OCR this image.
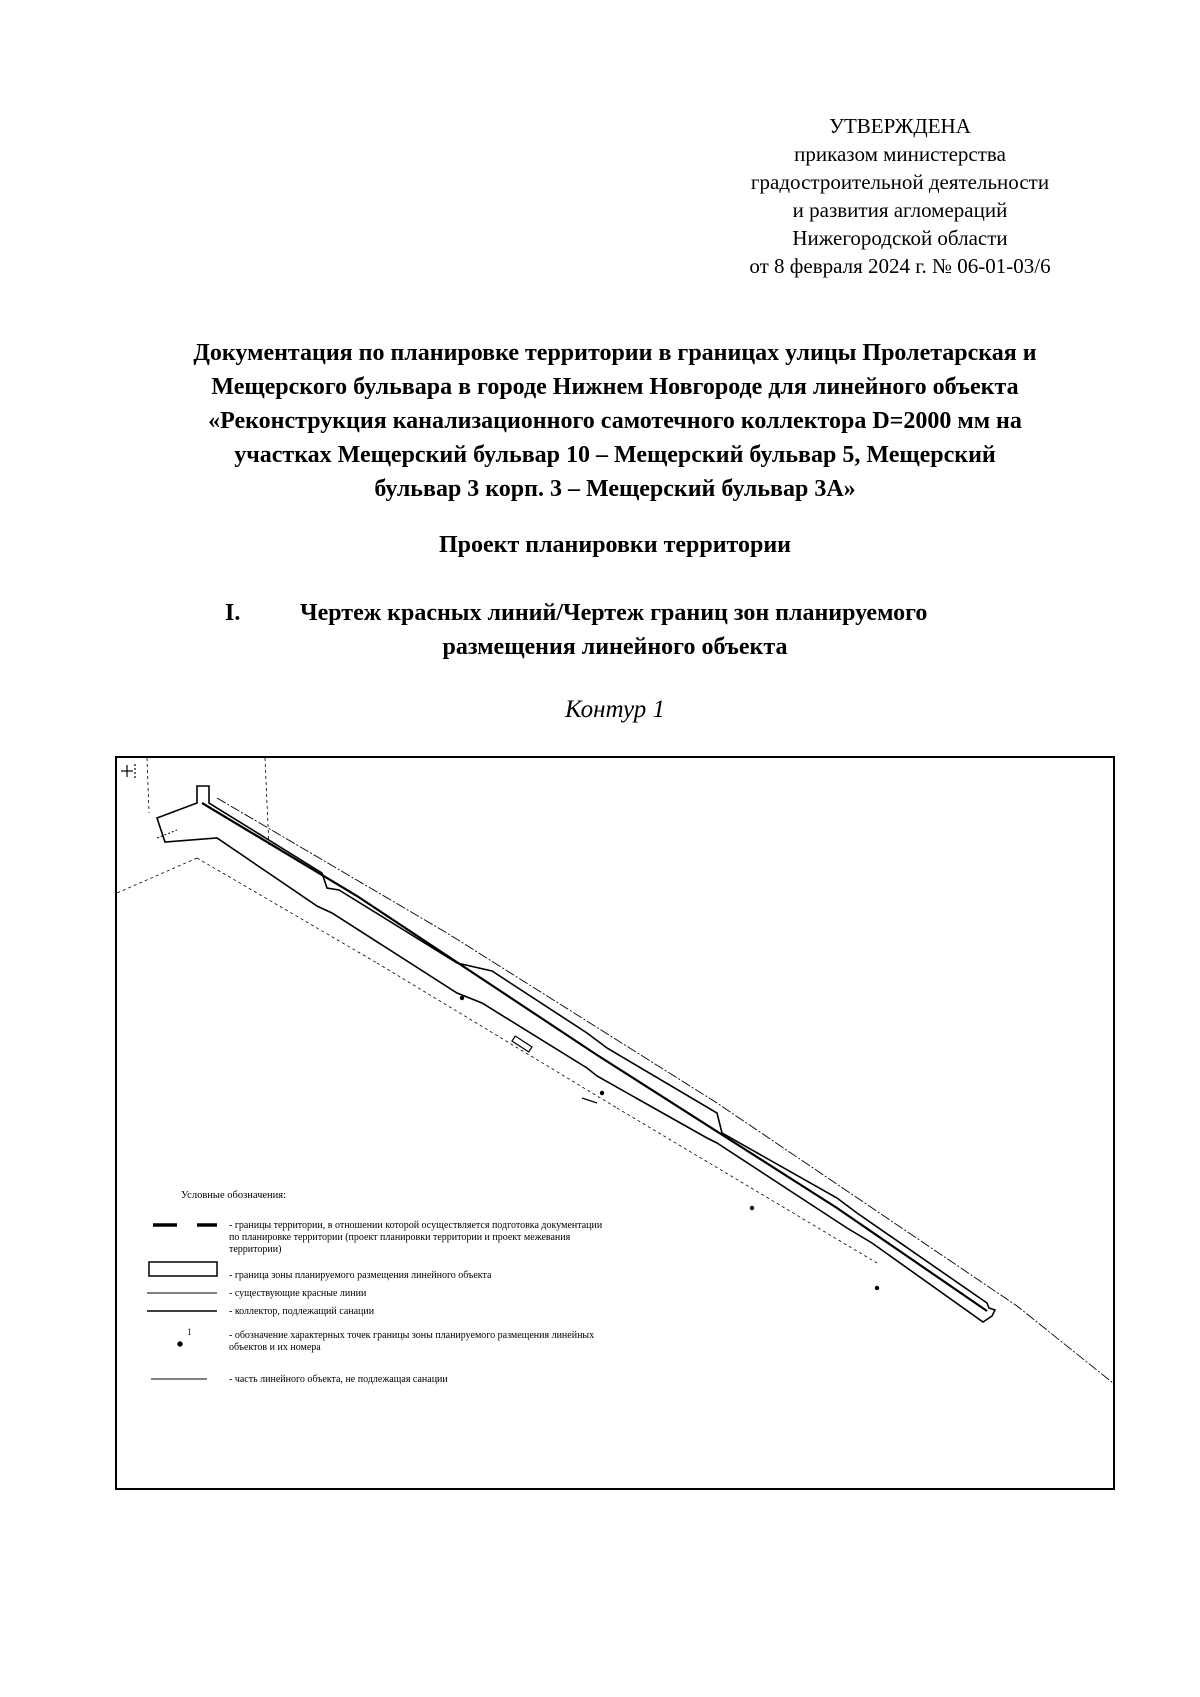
УТВЕРЖДЕНА
приказом министерства
градостроительной деятельности
и развития агломераций
Нижегородской области
от 8 февраля 2024 г. № 06-01-03/6
Документация по планировке территории в границах улицы Пролетарская и
Мещерского бульвара в городе Нижнем Новгороде для линейного объекта
«Реконструкция канализационного самотечного коллектора D=2000 мм на
участках Мещерский бульвар 10 – Мещерский бульвар 5, Мещерский
бульвар 3 корп. 3 – Мещерский бульвар 3А»
Проект планировки территории
I. Чертеж красных линий/Чертеж границ зон планируемого
размещения линейного объекта
Контур 1
Условные обозначения:
- границы территории, в отношении которой осуществляется подготовка документации по планировке территории (проект планировки территории и проект межевания территории)
- граница зоны планируемого размещения линейного объекта
- существующие красные линии
- коллектор, подлежащий санации
1	- обозначение характерных точек границы зоны планируемого размещения линейных объектов и их номера
- часть линейного объекта, не подлежащая санации
